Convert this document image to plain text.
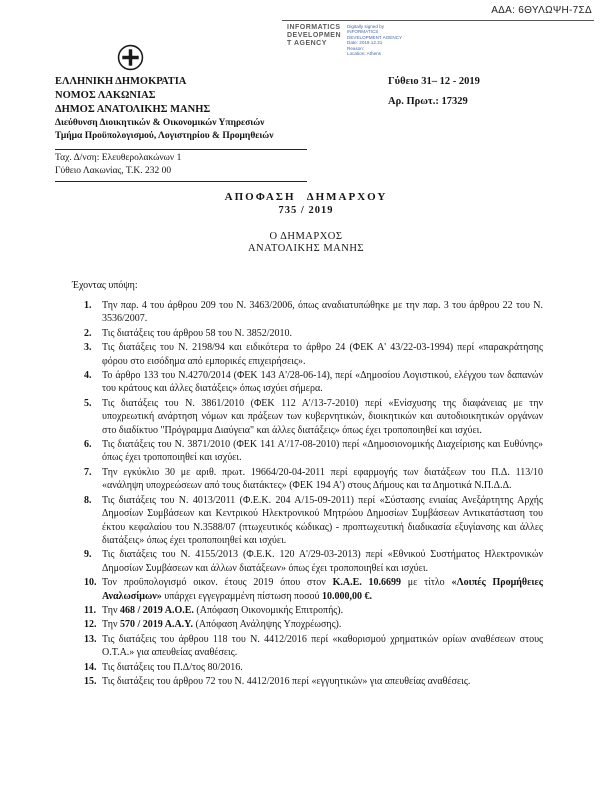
ΑΔΑ: 6ΘΥΛΩΨΗ-7ΣΔ
INFORMATICS
DEVELOPMEN
T AGENCY
Digitally signed by
INFORMATICS
DEVELOPMENT AGENCY
Date: 2019.12.31
Reason:
Location: Athens
ΕΛΛΗΝΙΚΗ ΔΗΜΟΚΡΑΤΙΑ
ΝΟΜΟΣ ΛΑΚΩΝΙΑΣ
ΔΗΜΟΣ ΑΝΑΤΟΛΙΚΗΣ ΜΑΝΗΣ
Διεύθυνση Διοικητικών & Οικονομικών Υπηρεσιών
Τμήμα Προϋπολογισμού, Λογιστηρίου & Προμηθειών
Ταχ. Δ/νση: Ελευθερολακώνων 1
Γύθειο Λακωνίας, Τ.Κ. 232 00
Γύθειο 31– 12 - 2019
Αρ. Πρωτ.: 17329
ΑΠΟΦΑΣΗ ΔΗΜΑΡΧΟΥ
735 / 2019
Ο ΔΗΜΑΡΧΟΣ
ΑΝΑΤΟΛΙΚΗΣ ΜΑΝΗΣ
Έχοντας υπόψη:
1. Την παρ. 4 του άρθρου 209 του Ν. 3463/2006, όπως αναδιατυπώθηκε με την παρ. 3 του άρθρου 22 του Ν. 3536/2007.
2. Τις διατάξεις του άρθρου 58 του Ν. 3852/2010.
3. Τις διατάξεις του Ν. 2198/94 και ειδικότερα το άρθρο 24 (ΦΕΚ Α' 43/22-03-1994) περί «παρακράτησης φόρου στο εισόδημα από εμπορικές επιχειρήσεις».
4. Το άρθρο 133 του Ν.4270/2014 (ΦΕΚ 143 Α'/28-06-14), περί «Δημοσίου Λογιστικού, ελέγχου των δαπανών του κράτους και άλλες διατάξεις» όπως ισχύει σήμερα.
5. Τις διατάξεις του Ν. 3861/2010 (ΦΕΚ 112 Α'/13-7-2010) περί «Ενίσχυσης της διαφάνειας με την υποχρεωτική ανάρτηση νόμων και πράξεων των κυβερνητικών, διοικητικών και αυτοδιοικητικών οργάνων στο διαδίκτυο "Πρόγραμμα Διαύγεια" και άλλες διατάξεις» όπως έχει τροποποιηθεί και ισχύει.
6. Τις διατάξεις του Ν. 3871/2010 (ΦΕΚ 141 Α'/17-08-2010) περί «Δημοσιονομικής Διαχείρισης και Ευθύνης» όπως έχει τροποποιηθεί και ισχύει.
7. Την εγκύκλιο 30 με αριθ. πρωτ. 19664/20-04-2011 περί εφαρμογής των διατάξεων του Π.Δ. 113/10 «ανάληψη υποχρεώσεων από τους διατάκτες» (ΦΕΚ 194 Α') στους Δήμους και τα Δημοτικά Ν.Π.Δ.Δ.
8. Τις διατάξεις του Ν. 4013/2011 (Φ.Ε.Κ. 204 Α/15-09-2011) περί «Σύστασης ενιαίας Ανεξάρτητης Αρχής Δημοσίων Συμβάσεων και Κεντρικού Ηλεκτρονικού Μητρώου Δημοσίων Συμβάσεων Αντικατάσταση του έκτου κεφαλαίου του Ν.3588/07 (πτωχευτικός κώδικας) - προπτωχευτική διαδικασία εξυγίανσης και άλλες διατάξεις» όπως έχει τροποποιηθεί και ισχύει.
9. Τις διατάξεις του Ν. 4155/2013 (Φ.Ε.Κ. 120 Α'/29-03-2013) περί «Εθνικού Συστήματος Ηλεκτρονικών Δημοσίων Συμβάσεων και άλλων διατάξεων» όπως έχει τροποποιηθεί και ισχύει.
10. Τον προϋπολογισμό οικον. έτους 2019 όπου στον Κ.Α.Ε. 10.6699 με τίτλο «Λοιπές Προμήθειες Αναλωσίμων» υπάρχει εγγεγραμμένη πίστωση ποσού 10.000,00 €.
11. Την 468 / 2019 Α.Ο.Ε. (Απόφαση Οικονομικής Επιτροπής).
12. Την 570 / 2019 Α.Α.Υ. (Απόφαση Ανάληψης Υποχρέωσης).
13. Τις διατάξεις του άρθρου 118 του Ν. 4412/2016 περί «καθορισμού χρηματικών ορίων αναθέσεων στους Ο.Τ.Α.» για απευθείας αναθέσεις.
14. Τις διατάξεις του Π.Δ/τος 80/2016.
15. Τις διατάξεις του άρθρου 72 του Ν. 4412/2016 περί «εγγυητικών» για απευθείας αναθέσεις.
